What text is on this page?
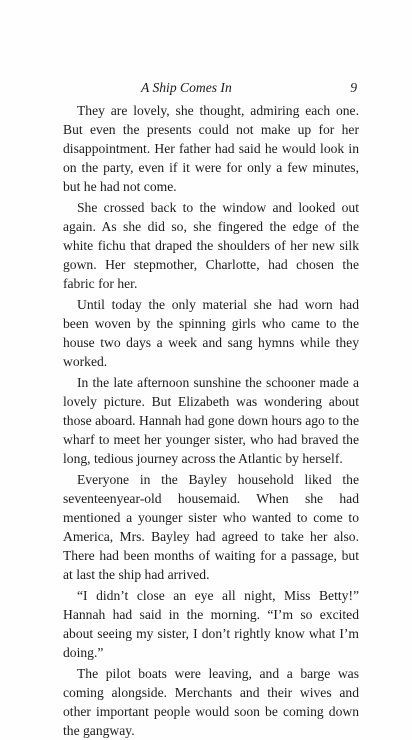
A Ship Comes In	9

They are lovely, she thought, admiring each one. But even the presents could not make up for her disappointment. Her father had said he would look in on the party, even if it were for only a few minutes, but he had not come.

She crossed back to the window and looked out again. As she did so, she fingered the edge of the white fichu that draped the shoulders of her new silk gown. Her stepmother, Charlotte, had chosen the fabric for her.

Until today the only material she had worn had been woven by the spinning girls who came to the house two days a week and sang hymns while they worked.

In the late afternoon sunshine the schooner made a lovely picture. But Elizabeth was wondering about those aboard. Hannah had gone down hours ago to the wharf to meet her younger sister, who had braved the long, tedious journey across the Atlantic by herself.

Everyone in the Bayley household liked the seventeenyear-old housemaid. When she had mentioned a younger sister who wanted to come to America, Mrs. Bayley had agreed to take her also. There had been months of waiting for a passage, but at last the ship had arrived.

“I didn’t close an eye all night, Miss Betty!” Hannah had said in the morning. “I’m so excited about seeing my sister, I don’t rightly know what I’m doing.”

The pilot boats were leaving, and a barge was coming alongside. Merchants and their wives and other important people would soon be coming down the gangway.
